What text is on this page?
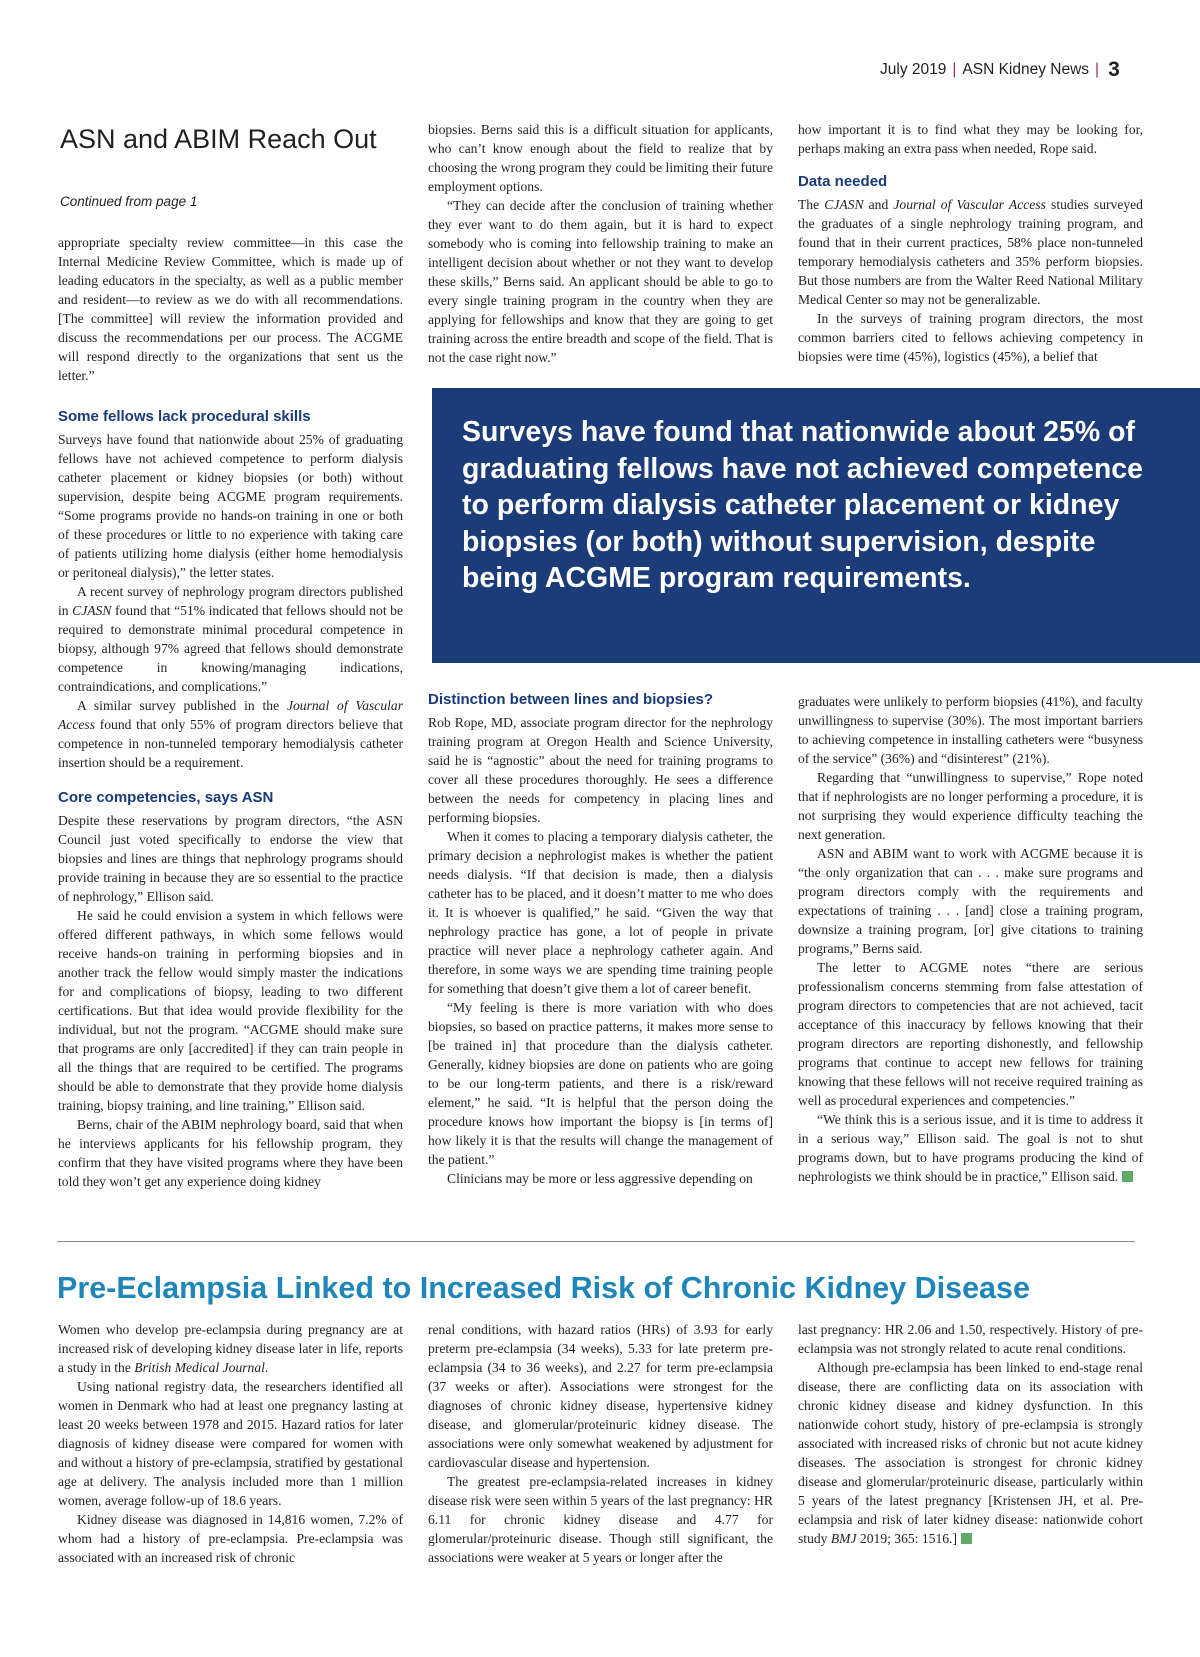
July 2019 | ASN Kidney News | 3
ASN and ABIM Reach Out
Continued from page 1

appropriate specialty review committee—in this case the Internal Medicine Review Committee, which is made up of leading educators in the specialty, as well as a public member and resident—to review as we do with all recommendations. [The committee] will review the information provided and discuss the recommendations per our process. The ACGME will respond directly to the organizations that sent us the letter.”

Some fellows lack procedural skills

Surveys have found that nationwide about 25% of graduating fellows have not achieved competence to perform dialysis catheter placement or kidney biopsies (or both) without supervision, despite being ACGME program requirements. “Some programs provide no hands-on training in one or both of these procedures or little to no experience with taking care of patients utilizing home dialysis (either home hemodialysis or peritoneal dialysis),” the letter states.

A recent survey of nephrology program directors published in CJASN found that “51% indicated that fellows should not be required to demonstrate minimal procedural competence in biopsy, although 97% agreed that fellows should demonstrate competence in knowing/managing indications, contraindications, and complications.”

A similar survey published in the Journal of Vascular Access found that only 55% of program directors believe that competence in non-tunneled temporary hemodialysis catheter insertion should be a requirement.

Core competencies, says ASN

Despite these reservations by program directors, “the ASN Council just voted specifically to endorse the view that biopsies and lines are things that nephrology programs should provide training in because they are so essential to the practice of nephrology,” Ellison said.

He said he could envision a system in which fellows were offered different pathways, in which some fellows would receive hands-on training in performing biopsies and in another track the fellow would simply master the indications for and complications of biopsy, leading to two different certifications. But that idea would provide flexibility for the individual, but not the program. “ACGME should make sure that programs are only [accredited] if they can train people in all the things that are required to be certified. The programs should be able to demonstrate that they provide home dialysis training, biopsy training, and line training,” Ellison said.

Berns, chair of the ABIM nephrology board, said that when he interviews applicants for his fellowship program, they confirm that they have visited programs where they have been told they won’t get any experience doing kidney

biopsies. Berns said this is a difficult situation for applicants, who can’t know enough about the field to realize that by choosing the wrong program they could be limiting their future employment options.

“They can decide after the conclusion of training whether they ever want to do them again, but it is hard to expect somebody who is coming into fellowship training to make an intelligent decision about whether or not they want to develop these skills,” Berns said. An applicant should be able to go to every single training program in the country when they are applying for fellowships and know that they are going to get training across the entire breadth and scope of the field. That is not the case right now.”

how important it is to find what they may be looking for, perhaps making an extra pass when needed, Rope said.

Data needed

The CJASN and Journal of Vascular Access studies surveyed the graduates of a single nephrology training program, and found that in their current practices, 58% place non-tunneled temporary hemodialysis catheters and 35% perform biopsies. But those numbers are from the Walter Reed National Military Medical Center so may not be generalizable.

In the surveys of training program directors, the most common barriers cited to fellows achieving competency in biopsies were time (45%), logistics (45%), a belief that

Surveys have found that nationwide about 25% of graduating fellows have not achieved competence to perform dialysis catheter placement or kidney biopsies (or both) without supervision, despite being ACGME program requirements.
Distinction between lines and biopsies?

Rob Rope, MD, associate program director for the nephrology training program at Oregon Health and Science University, said he is “agnostic” about the need for training programs to cover all these procedures thoroughly. He sees a difference between the needs for competency in placing lines and performing biopsies.

When it comes to placing a temporary dialysis catheter, the primary decision a nephrologist makes is whether the patient needs dialysis. “If that decision is made, then a dialysis catheter has to be placed, and it doesn’t matter to me who does it. It is whoever is qualified,” he said. “Given the way that nephrology practice has gone, a lot of people in private practice will never place a nephrology catheter again. And therefore, in some ways we are spending time training people for something that doesn’t give them a lot of career benefit.

“My feeling is there is more variation with who does biopsies, so based on practice patterns, it makes more sense to [be trained in] that procedure than the dialysis catheter. Generally, kidney biopsies are done on patients who are going to be our long-term patients, and there is a risk/reward element,” he said. “It is helpful that the person doing the procedure knows how important the biopsy is [in terms of] how likely it is that the results will change the management of the patient.”

Clinicians may be more or less aggressive depending on

graduates were unlikely to perform biopsies (41%), and faculty unwillingness to supervise (30%). The most important barriers to achieving competence in installing catheters were “busyness of the service” (36%) and “disinterest” (21%).

Regarding that “unwillingness to supervise,” Rope noted that if nephrologists are no longer performing a procedure, it is not surprising they would experience difficulty teaching the next generation.

ASN and ABIM want to work with ACGME because it is “the only organization that can . . . make sure programs and program directors comply with the requirements and expectations of training . . . [and] close a training program, downsize a training program, [or] give citations to training programs,” Berns said.

The letter to ACGME notes “there are serious professionalism concerns stemming from false attestation of program directors to competencies that are not achieved, tacit acceptance of this inaccuracy by fellows knowing that their program directors are reporting dishonestly, and fellowship programs that continue to accept new fellows for training knowing that these fellows will not receive required training as well as procedural experiences and competencies.”

“We think this is a serious issue, and it is time to address it in a serious way,” Ellison said. The goal is not to shut programs down, but to have programs producing the kind of nephrologists we think should be in practice,” Ellison said.

Pre-Eclampsia Linked to Increased Risk of Chronic Kidney Disease

Women who develop pre-eclampsia during pregnancy are at increased risk of developing kidney disease later in life, reports a study in the British Medical Journal.

Using national registry data, the researchers identified all women in Denmark who had at least one pregnancy lasting at least 20 weeks between 1978 and 2015. Hazard ratios for later diagnosis of kidney disease were compared for women with and without a history of pre-eclampsia, stratified by gestational age at delivery. The analysis included more than 1 million women, average follow-up of 18.6 years.

Kidney disease was diagnosed in 14,816 women, 7.2% of whom had a history of pre-eclampsia. Pre-eclampsia was associated with an increased risk of chronic

renal conditions, with hazard ratios (HRs) of 3.93 for early preterm pre-eclampsia (34 weeks), 5.33 for late preterm pre-eclampsia (34 to 36 weeks), and 2.27 for term pre-eclampsia (37 weeks or after). Associations were strongest for the diagnoses of chronic kidney disease, hypertensive kidney disease, and glomerular/proteinuric kidney disease. The associations were only somewhat weakened by adjustment for cardiovascular disease and hypertension.

The greatest pre-eclampsia-related increases in kidney disease risk were seen within 5 years of the last pregnancy: HR 6.11 for chronic kidney disease and 4.77 for glomerular/proteinuric disease. Though still significant, the associations were weaker at 5 years or longer after the

last pregnancy: HR 2.06 and 1.50, respectively. History of pre-eclampsia was not strongly related to acute renal conditions.

Although pre-eclampsia has been linked to end-stage renal disease, there are conflicting data on its association with chronic kidney disease and kidney dysfunction. In this nationwide cohort study, history of pre-eclampsia is strongly associated with increased risks of chronic but not acute kidney diseases. The association is strongest for chronic kidney disease and glomerular/proteinuric disease, particularly within 5 years of the latest pregnancy [Kristensen JH, et al. Pre-eclampsia and risk of later kidney disease: nationwide cohort study BMJ 2019; 365: 1516.]
